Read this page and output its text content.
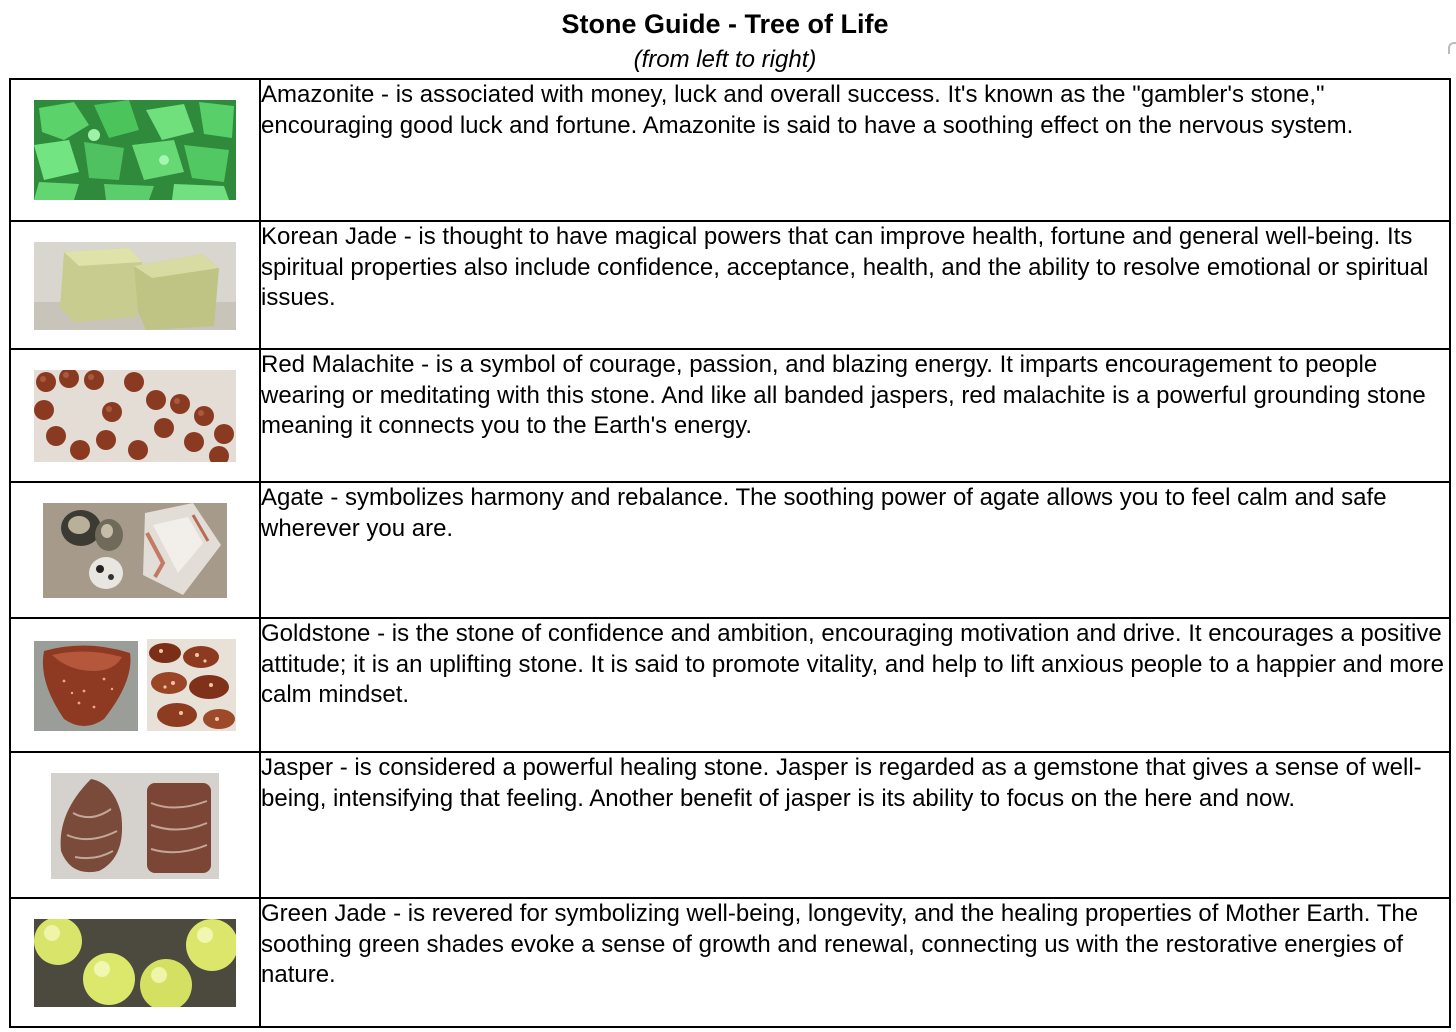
Stone Guide - Tree of Life
(from left to right)
	Amazonite - is associated with money, luck and overall success. It's known as the "gambler's stone," encouraging good luck and fortune. Amazonite is said to have a soothing effect on the nervous system.

	Korean Jade - is thought to have magical powers that can improve health, fortune and general well-being. Its spiritual properties also include confidence, acceptance, health, and the ability to resolve emotional or spiritual issues.

	Red Malachite - is a symbol of courage, passion, and blazing energy. It imparts encouragement to people wearing or meditating with this stone. And like all banded jaspers, red malachite is a powerful grounding stone meaning it connects you to the Earth's energy.

	Agate - symbolizes harmony and rebalance. The soothing power of agate allows you to feel calm and safe wherever you are.

	Goldstone - is the stone of confidence and ambition, encouraging motivation and drive. It encourages a positive attitude; it is an uplifting stone. It is said to promote vitality, and help to lift anxious people to a happier and more calm mindset.

	Jasper - is considered a powerful healing stone. Jasper is regarded as a gemstone that gives a sense of well-being, intensifying that feeling. Another benefit of jasper is its ability to focus on the here and now.

	Green Jade - is revered for symbolizing well-being, longevity, and the healing properties of Mother Earth. The soothing green shades evoke a sense of growth and renewal, connecting us with the restorative energies of nature.
